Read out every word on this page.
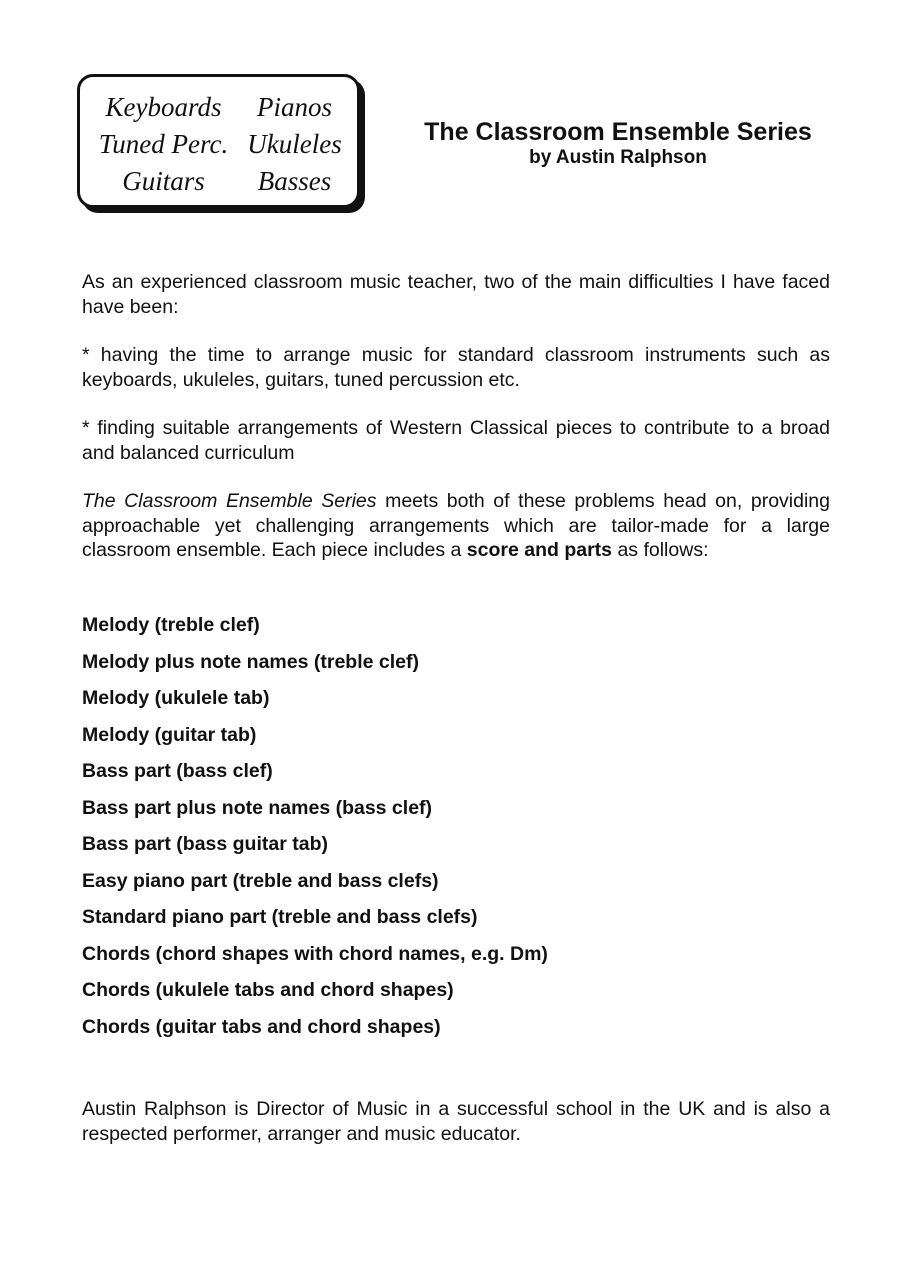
Keyboards	Pianos
Tuned Perc. Ukuleles
Guitars	Basses
The Classroom Ensemble Series
by Austin Ralphson

As an experienced classroom music teacher, two of the main difficulties I have faced have been:

* having the time to arrange music for standard classroom instruments such as keyboards, ukuleles, guitars, tuned percussion etc.

* finding suitable arrangements of Western Classical pieces to contribute to a broad and balanced curriculum

The Classroom Ensemble Series meets both of these problems head on, providing approachable yet challenging arrangements which are tailor-made for a large classroom ensemble. Each piece includes a score and parts as follows:

Melody (treble clef)
Melody plus note names (treble clef)
Melody (ukulele tab)
Melody (guitar tab)
Bass part (bass clef)
Bass part plus note names (bass clef)
Bass part (bass guitar tab)
Easy piano part (treble and bass clefs)
Standard piano part (treble and bass clefs)
Chords (chord shapes with chord names, e.g. Dm)
Chords (ukulele tabs and chord shapes)
Chords (guitar tabs and chord shapes)

Austin Ralphson is Director of Music in a successful school in the UK and is also a respected performer, arranger and music educator.
